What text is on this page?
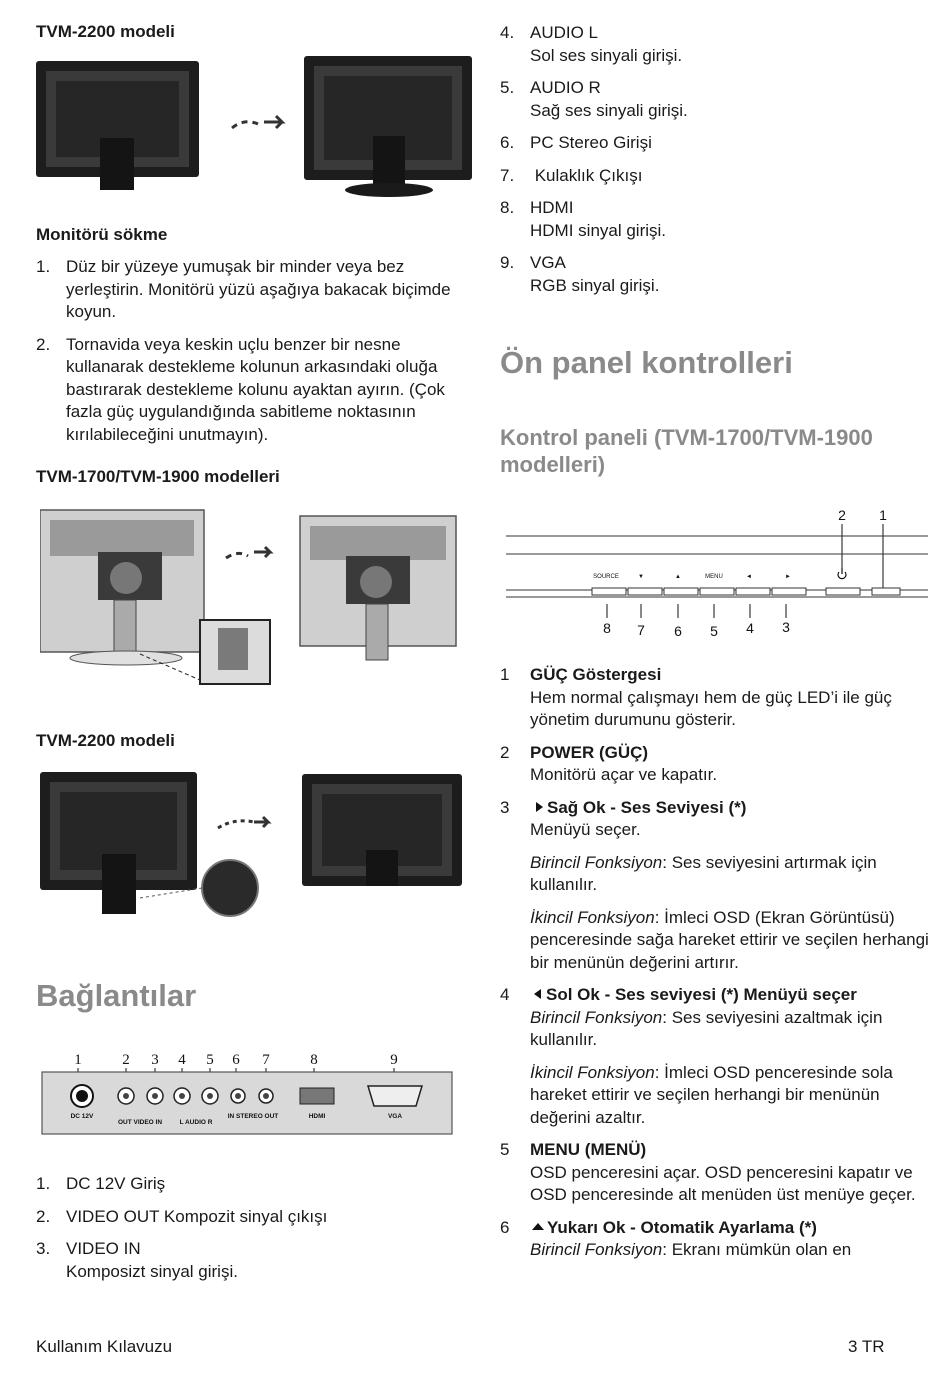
TVM-2200 modeli
Monitörü sökme
1. Düz bir yüzeye yumuşak bir minder veya bez yerleştirin. Monitörü yüzü aşağıya bakacak biçimde koyun.
2. Tornavida veya keskin uçlu benzer bir nesne kullanarak destekleme kolunun arkasındaki oluğa bastırarak destekleme kolunu ayaktan ayırın. (Çok fazla güç uygulandığında sabitleme noktasının kırılabileceğini unutmayın).
TVM-1700/TVM-1900 modelleri
TVM-2200 modeli
Bağlantılar
1	2 3 4 5 6 7	8	9
DC 12V
OUT VIDEO IN	L AUDIO R
IN STEREO OUT	HDMI	VGA
1. DC 12V Giriş
2. VIDEO OUT Kompozit sinyal çıkışı
3. VIDEO IN
Komposizt sinyal girişi.
4. AUDIO L
Sol ses sinyali girişi.
5. AUDIO R
Sağ ses sinyali girişi.
6. PC Stereo Girişi
7. Kulaklık Çıkışı
8. HDMI
HDMI sinyal girişi.
9. VGA
RGB sinyal girişi.
Ön panel kontrolleri
Kontrol paneli (TVM-1700/TVM-1900 modelleri)
2 1
SOURCE	▼	▲	MENU	◄	►
8 7 6 5 4 3
1 GÜÇ Göstergesi

Hem normal çalışmayı hem de güç LED’i ile güç yönetim durumunu gösterir.

2 POWER (GÜÇ)

Monitörü açar ve kapatır.

3	Sağ Ok - Ses Seviyesi (*)

Menüyü seçer.

Birincil Fonksiyon: Ses seviyesini artırmak için kullanılır.

İkincil Fonksiyon: İmleci OSD (Ekran Görüntüsü) penceresinde sağa hareket ettirir ve seçilen herhangi bir menünün değerini artırır.

4	Sol Ok - Ses seviyesi (*) Menüyü seçer

Birincil Fonksiyon: Ses seviyesini azaltmak için kullanılır.

İkincil Fonksiyon: İmleci OSD penceresinde sola hareket ettirir ve seçilen herhangi bir menünün değerini azaltır.

5 MENU (MENÜ)

OSD penceresini açar. OSD penceresini kapatır ve OSD penceresinde alt menüden üst menüye geçer.

6	Yukarı Ok - Otomatik Ayarlama (*)

Birincil Fonksiyon: Ekranı mümkün olan en

Kullanım Kılavuzu	3 TR
